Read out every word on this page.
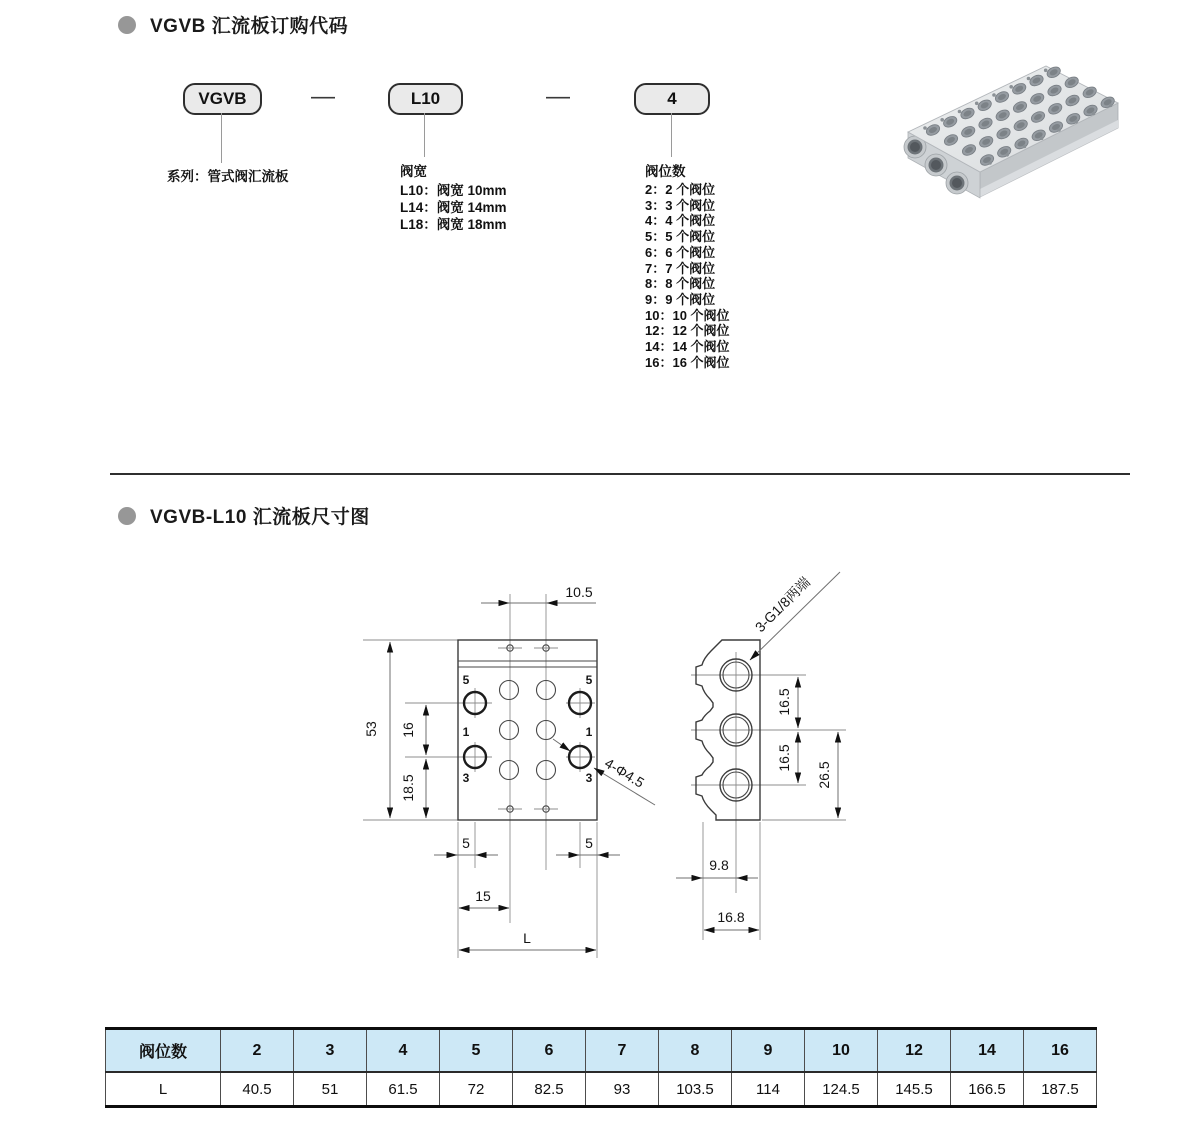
VGVB 汇流板订购代码
VGVB	—	L10	—	4
系列：管式阀汇流板	阀宽
L10：阀宽 10mm
L14：阀宽 14mm
L18：阀宽 18mm
阀位数
2：2 个阀位
3：3 个阀位
4：4 个阀位
5：5 个阀位
6：6 个阀位
7：7 个阀位
8：8 个阀位
9：9 个阀位
10：10 个阀位
12：12 个阀位
14：14 个阀位
16：16 个阀位
VGVB-L10 汇流板尺寸图
5	5
1	1
3	3
10.5
53 16
18.5
5	5
15
L
4-Φ4.5
16.5
16.5
26.5
9.8
16.8
3-G1/8两端
阀位数	2	3	4	5	6	7	8	9	10	12	14	16
L	40.5	51	61.5	72	82.5	93	103.5	114	124.5	145.5	166.5	187.5
